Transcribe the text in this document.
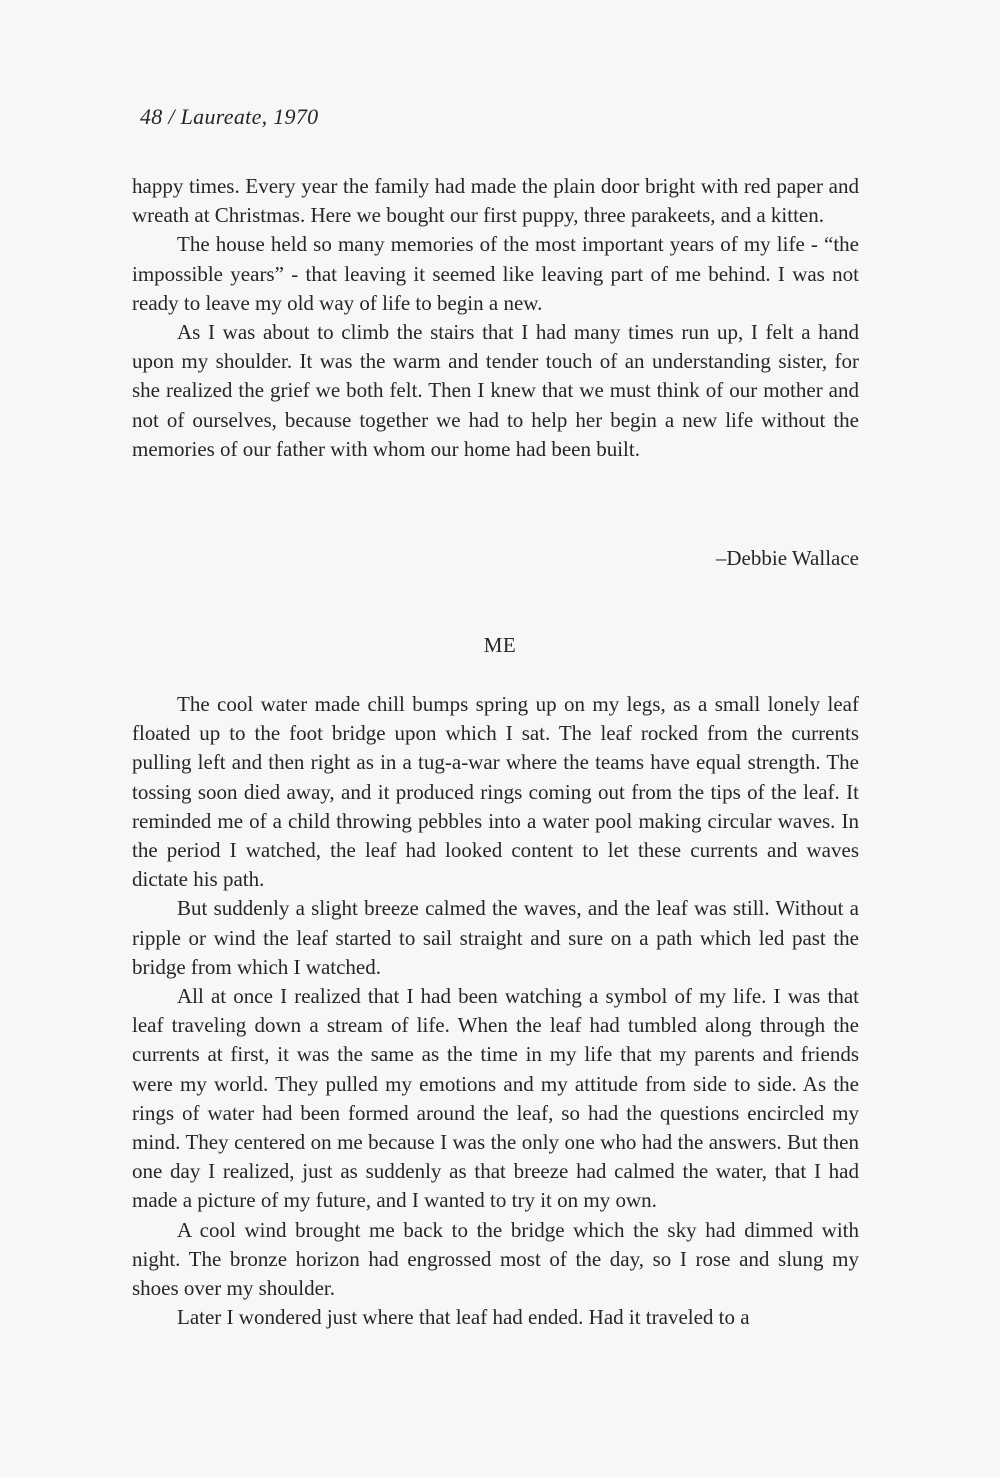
48 / Laureate, 1970

happy times. Every year the family had made the plain door bright with red paper and wreath at Christmas. Here we bought our first puppy, three parakeets, and a kitten.

The house held so many memories of the most important years of my life - “the impossible years” - that leaving it seemed like leaving part of me behind. I was not ready to leave my old way of life to begin a new.

As I was about to climb the stairs that I had many times run up, I felt a hand upon my shoulder. It was the warm and tender touch of an understanding sister, for she realized the grief we both felt. Then I knew that we must think of our mother and not of ourselves, because together we had to help her begin a new life without the memories of our father with whom our home had been built.

–Debbie Wallace
ME

The cool water made chill bumps spring up on my legs, as a small lonely leaf floated up to the foot bridge upon which I sat. The leaf rocked from the currents pulling left and then right as in a tug-a-war where the teams have equal strength. The tossing soon died away, and it produced rings coming out from the tips of the leaf. It reminded me of a child throwing pebbles into a water pool making circular waves. In the period I watched, the leaf had looked content to let these currents and waves dictate his path.

But suddenly a slight breeze calmed the waves, and the leaf was still. Without a ripple or wind the leaf started to sail straight and sure on a path which led past the bridge from which I watched.

All at once I realized that I had been watching a symbol of my life. I was that leaf traveling down a stream of life. When the leaf had tumbled along through the currents at first, it was the same as the time in my life that my parents and friends were my world. They pulled my emotions and my attitude from side to side. As the rings of water had been formed around the leaf, so had the questions encircled my mind. They centered on me because I was the only one who had the answers. But then one day I realized, just as suddenly as that breeze had calmed the water, that I had made a picture of my future, and I wanted to try it on my own.

A cool wind brought me back to the bridge which the sky had dimmed with night. The bronze horizon had engrossed most of the day, so I rose and slung my shoes over my shoulder.

Later I wondered just where that leaf had ended. Had it traveled to a
